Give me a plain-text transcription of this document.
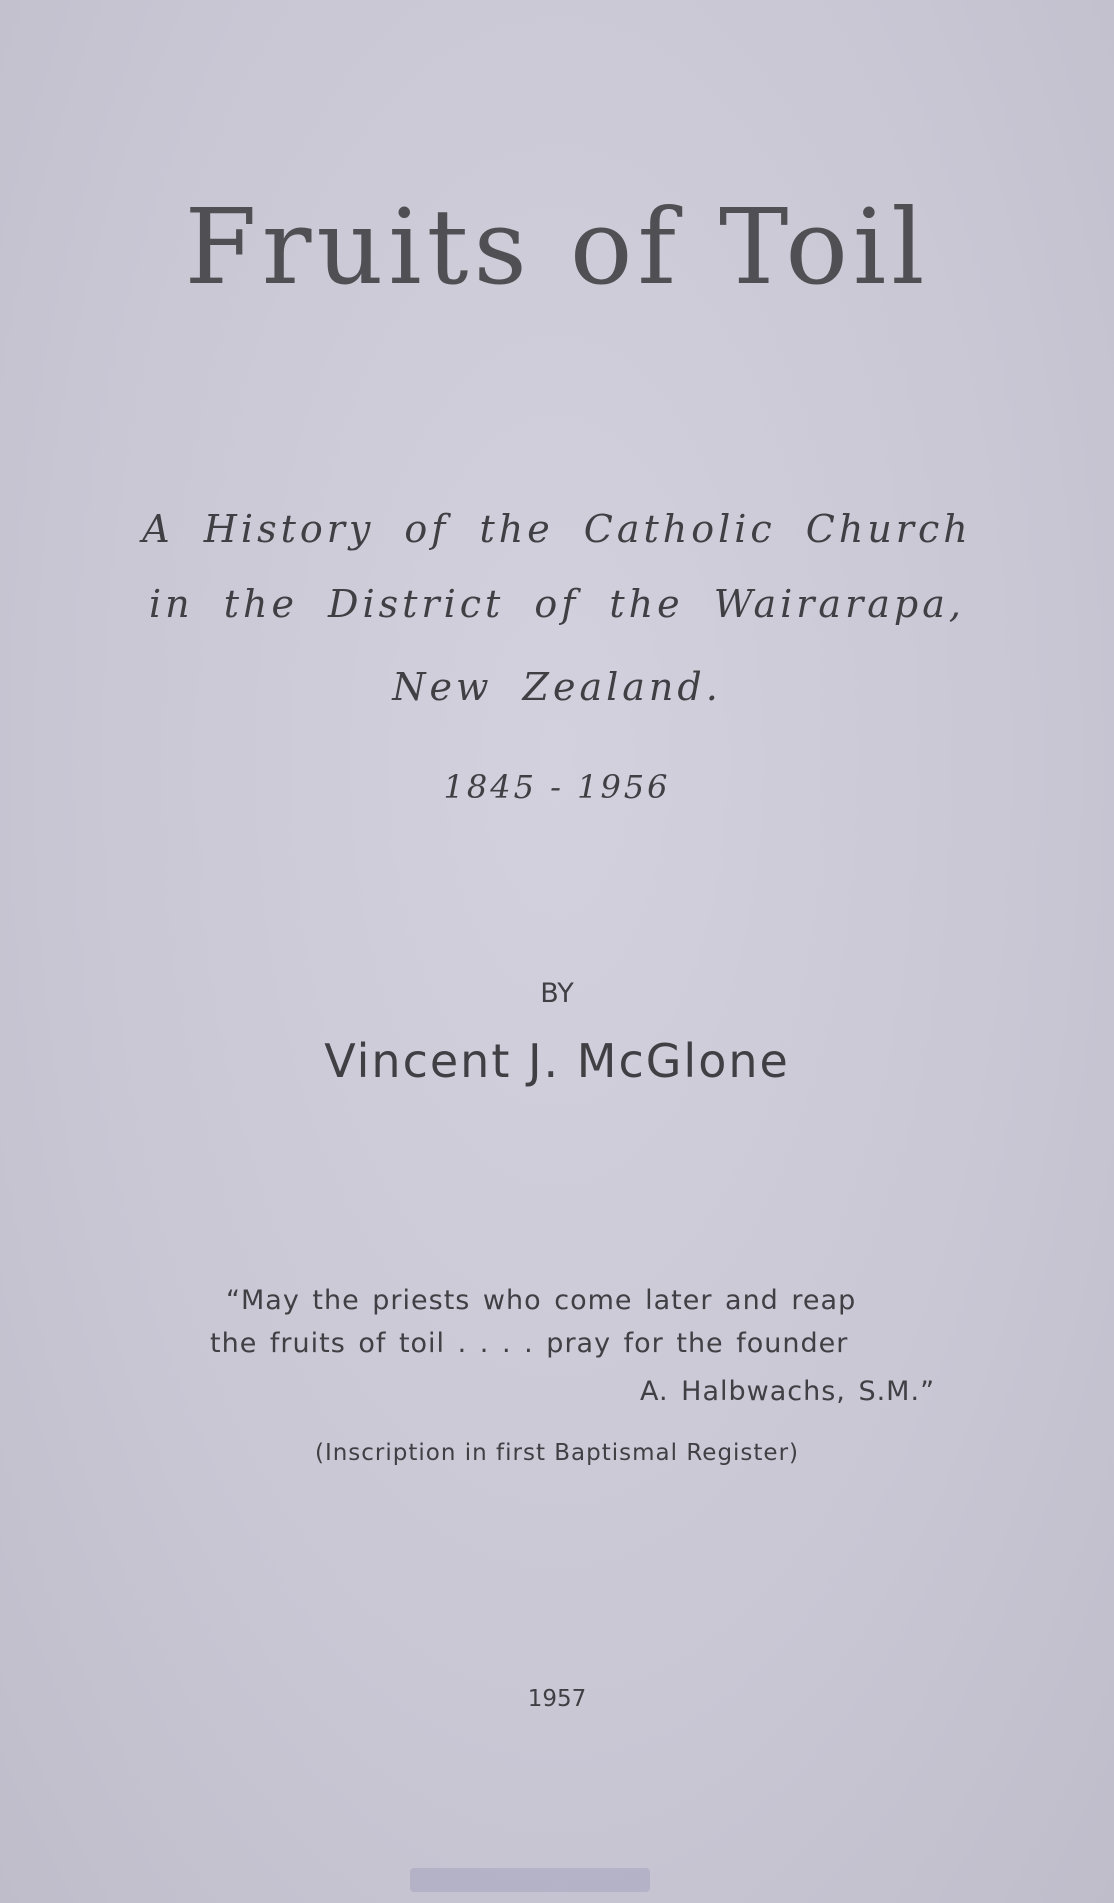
Fruits of Toil
A History of the Catholic Church
in the District of the Wairarapa,
New Zealand.
1845 - 1956
BY
Vincent J. McGlone
“May the priests who come later and reap
the fruits of toil . . . . pray for the founder
A. Halbwachs, S.M.”
(Inscription in first Baptismal Register)
1957
